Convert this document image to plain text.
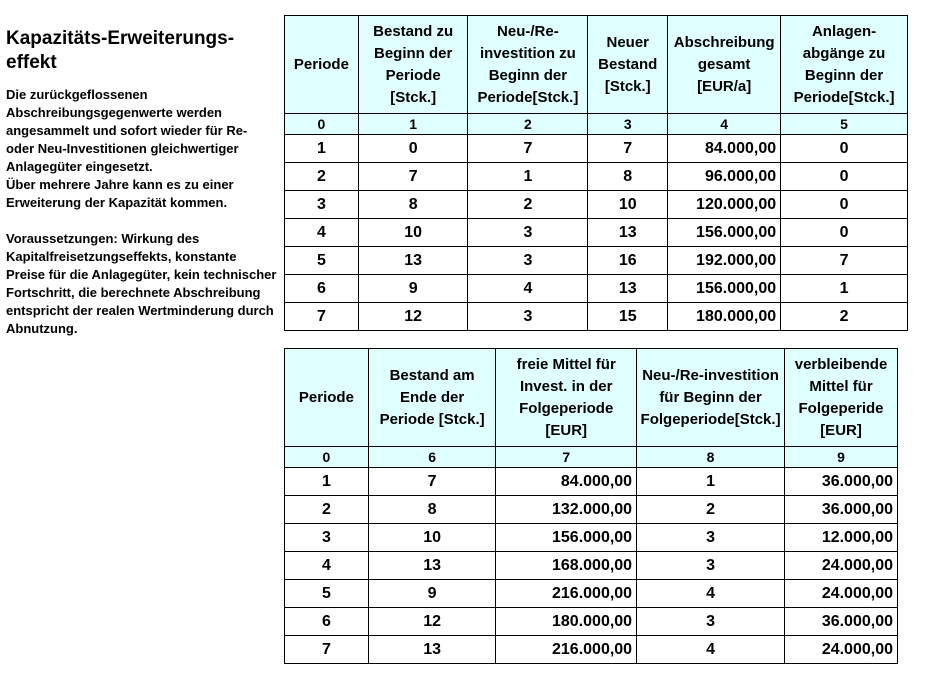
Kapazitäts-Erweiterungs-effekt

Die zurückgeflossenen Abschreibungsgegenwerte werden angesammelt und sofort wieder für Re- oder Neu-Investitionen gleichwertiger Anlagegüter eingesetzt.

Über mehrere Jahre kann es zu einer Erweiterung der Kapazität kommen.

Voraussetzungen: Wirkung des Kapitalfreisetzungseffekts, konstante Preise für die Anlagegüter, kein technischer Fortschritt, die berechnete Abschreibung entspricht der realen Wertminderung durch Abnutzung.

Periode	Bestand zu Beginn der Periode [Stck.]	Neu-/Re-investition zu Beginn der Periode[Stck.]	Neuer Bestand [Stck.]	Abschreibung gesamt [EUR/a]	Anlagen-abgänge zu Beginn der Periode[Stck.]
0	1	2	3	4	5
1	0	7	7	84.000,00	0
2	7	1	8	96.000,00	0
3	8	2	10	120.000,00	0
4	10	3	13	156.000,00	0
5	13	3	16	192.000,00	7
6	9	4	13	156.000,00	1
7	12	3	15	180.000,00	2
Periode	Bestand am Ende der Periode [Stck.]	freie Mittel für Invest. in der Folgeperiode [EUR]	Neu-/Re-investition für Beginn der Folgeperiode[Stck.]	verbleibende Mittel für Folgeperide [EUR]
0	6	7	8	9
1	7	84.000,00	1	36.000,00
2	8	132.000,00	2	36.000,00
3	10	156.000,00	3	12.000,00
4	13	168.000,00	3	24.000,00
5	9	216.000,00	4	24.000,00
6	12	180.000,00	3	36.000,00
7	13	216.000,00	4	24.000,00
